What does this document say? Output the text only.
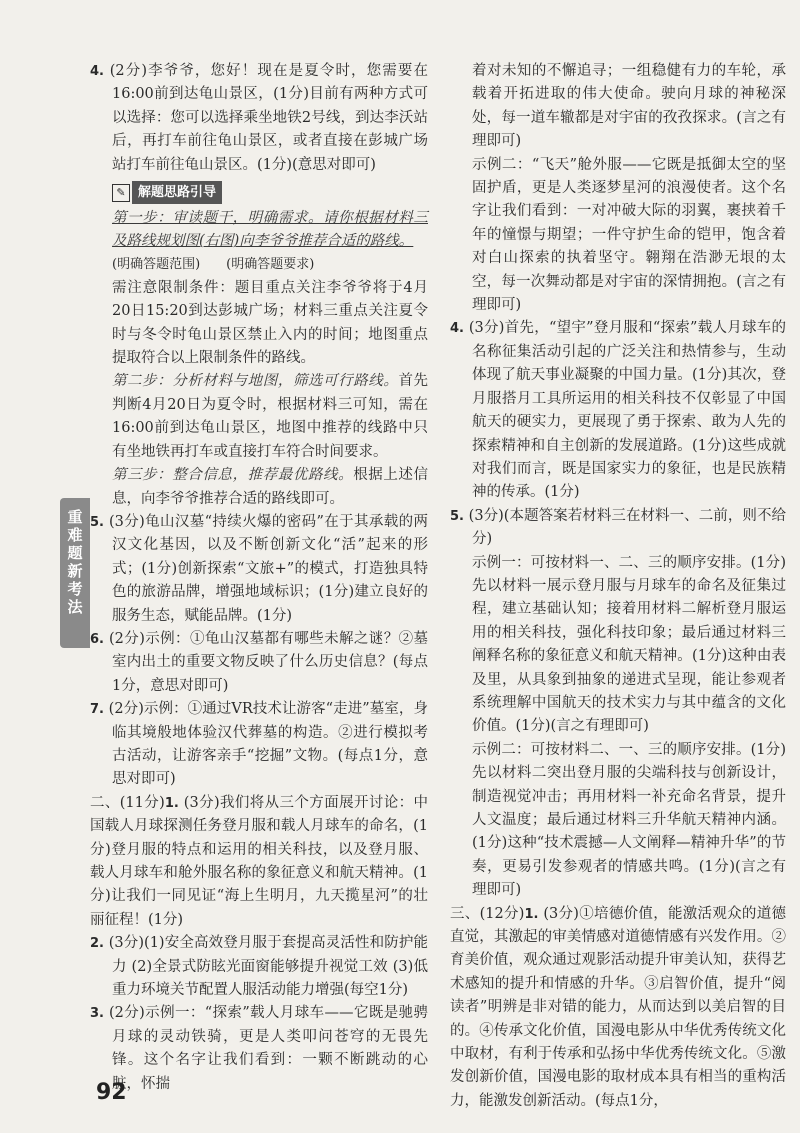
4. (2分)李爷爷，您好！现在是夏令时，您需要在16:00前到达龟山景区，(1分)目前有两种方式可以选择：您可以选择乘坐地铁2号线，到达李沃站后，再打车前往龟山景区，或者直接在彭城广场站打车前往龟山景区。(1分)(意思对即可)

✎ 解题思路引导

第一步：审读题干，明确需求。请你根据材料三及路线规划图(右图)向李爷爷推荐合适的路线。

(明确答题范围)　　(明确答题要求)

需注意限制条件：题目重点关注李爷爷将于4月20日15:20到达彭城广场；材料三重点关注夏令时与冬令时龟山景区禁止入内的时间；地图重点提取符合以上限制条件的路线。

第二步：分析材料与地图，筛选可行路线。首先判断4月20日为夏令时，根据材料三可知，需在16:00前到达龟山景区，地图中推荐的线路中只有坐地铁再打车或直接打车符合时间要求。

第三步：整合信息，推荐最优路线。根据上述信息，向李爷爷推荐合适的路线即可。

5. (3分)龟山汉墓“持续火爆的密码”在于其承载的两汉文化基因，以及不断创新文化“活”起来的形式；(1分)创新探索“文旅+”的模式，打造独具特色的旅游品牌，增强地域标识；(1分)建立良好的服务生态，赋能品牌。(1分)

6. (2分)示例：①龟山汉墓都有哪些未解之谜？②墓室内出土的重要文物反映了什么历史信息？(每点1分，意思对即可)

7. (2分)示例：①通过VR技术让游客“走进”墓室，身临其境般地体验汉代葬墓的构造。②进行模拟考古活动，让游客亲手“挖掘”文物。(每点1分，意思对即可)

二、(11分)1. (3分)我们将从三个方面展开讨论：中国载人月球探测任务登月服和载人月球车的命名，(1分)登月服的特点和运用的相关科技，以及登月服、载人月球车和舱外服名称的象征意义和航天精神。(1分)让我们一同见证“海上生明月，九天揽星河”的壮丽征程！(1分)

2. (3分)(1)安全高效登月服于套提高灵活性和防护能力 (2)全景式防眩光面窗能够提升视觉工效 (3)低重力环境关节配置人服活动能力增强(每空1分)

3. (2分)示例一：“探索”载人月球车——它既是驰骋月球的灵动铁骑，更是人类叩问苍穹的无畏先锋。这个名字让我们看到：一颗不断跳动的心脏，怀揣

着对未知的不懈追寻；一组稳健有力的车轮，承载着开拓进取的伟大使命。驶向月球的神秘深处，每一道车辙都是对宇宙的孜孜探求。(言之有理即可)

示例二：“飞天”舱外服——它既是抵御太空的坚固护盾，更是人类逐梦星河的浪漫使者。这个名字让我们看到：一对冲破大际的羽翼，裹挟着千年的憧憬与期望；一件守护生命的铠甲，饱含着对白山探索的执着坚守。翱翔在浩渺无垠的太空，每一次舞动都是对宇宙的深情拥抱。(言之有理即可)

4. (3分)首先，“望宇”登月服和“探索”载人月球车的名称征集活动引起的广泛关注和热情参与，生动体现了航天事业凝聚的中国力量。(1分)其次，登月服搭月工具所运用的相关科技不仅彰显了中国航天的硬实力，更展现了勇于探索、敢为人先的探索精神和自主创新的发展道路。(1分)这些成就对我们而言，既是国家实力的象征，也是民族精神的传承。(1分)

5. (3分)(本题答案若材料三在材料一、二前，则不给分)

示例一：可按材料一、二、三的顺序安排。(1分)先以材料一展示登月服与月球车的命名及征集过程，建立基础认知；接着用材料二解析登月服运用的相关科技，强化科技印象；最后通过材料三阐释名称的象征意义和航天精神。(1分)这种由表及里，从具象到抽象的递进式呈现，能让参观者系统理解中国航天的技术实力与其中蕴含的文化价值。(1分)(言之有理即可)

示例二：可按材料二、一、三的顺序安排。(1分)先以材料二突出登月服的尖端科技与创新设计，制造视觉冲击；再用材料一补充命名背景，提升人文温度；最后通过材料三升华航天精神内涵。(1分)这种“技术震撼—人文阐释—精神升华”的节奏，更易引发参观者的情感共鸣。(1分)(言之有理即可)

三、(12分)1. (3分)①培德价值，能激活观众的道德直觉，其激起的审美情感对道德情感有兴发作用。②育美价值，观众通过观影活动提升审美认知，获得艺术感知的提升和情感的升华。③启智价值，提升“阅读者”明辨是非对错的能力，从而达到以美启智的目的。④传承文化价值，国漫电影从中华优秀传统文化中取材，有利于传承和弘扬中华优秀传统文化。⑤激发创新价值，国漫电影的取材成本具有相当的重构活力，能激发创新活动。(每点1分，

重难题新考法
92
